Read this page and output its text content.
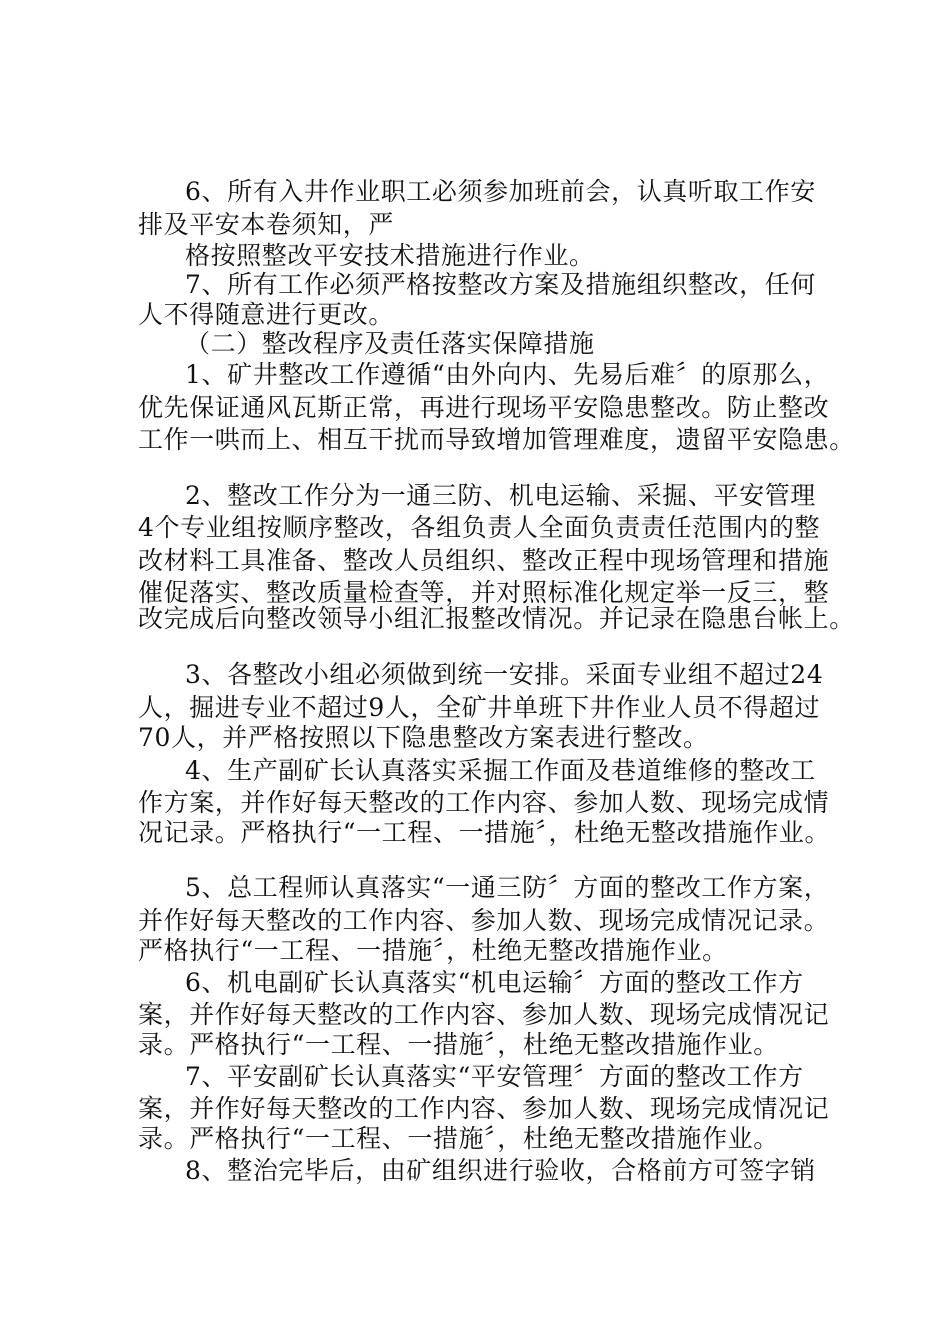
6、所有入井作业职工必须参加班前会，认真听取工作安
排及平安本卷须知，严
格按照整改平安技术措施进行作业。
7、所有工作必须严格按整改方案及措施组织整改，任何
人不得随意进行更改。
（二）整改程序及责任落实保障措施
1、矿井整改工作遵循“由外向内、先易后难〞的原那么，
优先保证通风瓦斯正常，再进行现场平安隐患整改。防止整改
工作一哄而上、相互干扰而导致增加管理难度，遗留平安隐患。
2、整改工作分为一通三防、机电运输、采掘、平安管理
4个专业组按顺序整改，各组负责人全面负责责任范围内的整
改材料工具准备、整改人员组织、整改正程中现场管理和措施
催促落实、整改质量检查等，并对照标准化规定举一反三，整
改完成后向整改领导小组汇报整改情况。并记录在隐患台帐上。
3、各整改小组必须做到统一安排。采面专业组不超过24
人，掘进专业不超过9人，全矿井单班下井作业人员不得超过
70人，并严格按照以下隐患整改方案表进行整改。
4、生产副矿长认真落实采掘工作面及巷道维修的整改工
作方案，并作好每天整改的工作内容、参加人数、现场完成情
况记录。严格执行“一工程、一措施〞，杜绝无整改措施作业。
5、总工程师认真落实“一通三防〞方面的整改工作方案，
并作好每天整改的工作内容、参加人数、现场完成情况记录。
严格执行“一工程、一措施〞，杜绝无整改措施作业。
6、机电副矿长认真落实“机电运输〞方面的整改工作方
案，并作好每天整改的工作内容、参加人数、现场完成情况记
录。严格执行“一工程、一措施〞，杜绝无整改措施作业。
7、平安副矿长认真落实“平安管理〞方面的整改工作方
案，并作好每天整改的工作内容、参加人数、现场完成情况记
录。严格执行“一工程、一措施〞，杜绝无整改措施作业。
8、整治完毕后，由矿组织进行验收，合格前方可签字销
